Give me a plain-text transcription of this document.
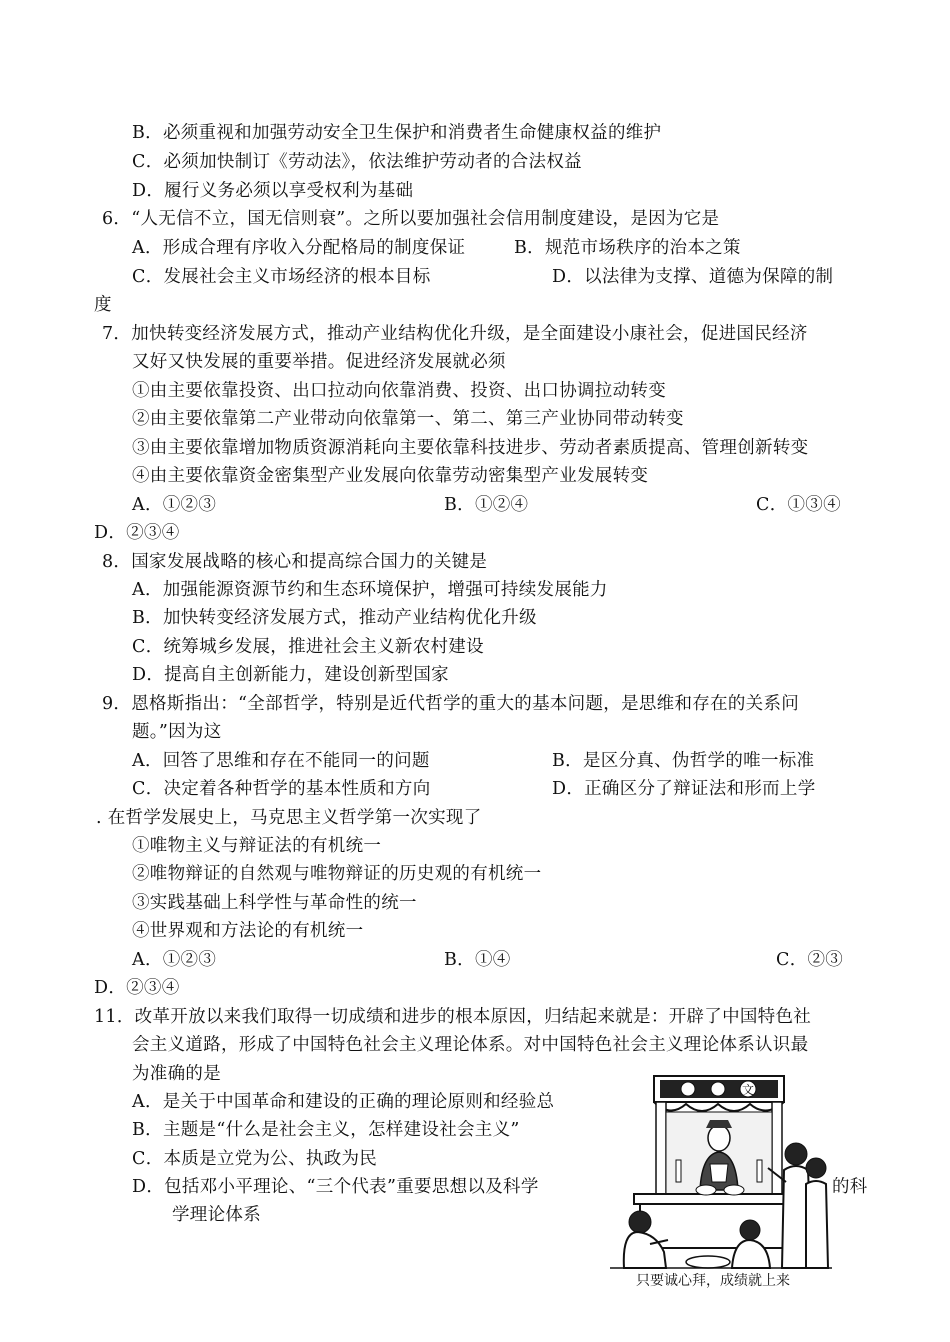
B．必须重视和加强劳动安全卫生保护和消费者生命健康权益的维护
C．必须加快制订《劳动法》，依法维护劳动者的合法权益
D．履行义务必须以享受权利为基础
6．“人无信不立，国无信则衰”。之所以要加强社会信用制度建设，是因为它是
A．形成合理有序收入分配格局的制度保证	B．规范市场秩序的治本之策
C．发展社会主义市场经济的根本目标	D．以法律为支撑、道德为保障的制
度
7．加快转变经济发展方式，推动产业结构优化升级，是全面建设小康社会，促进国民经济
又好又快发展的重要举措。促进经济发展就必须
①由主要依靠投资、出口拉动向依靠消费、投资、出口协调拉动转变
②由主要依靠第二产业带动向依靠第一、第二、第三产业协同带动转变
③由主要依靠增加物质资源消耗向主要依靠科技进步、劳动者素质提高、管理创新转变
④由主要依靠资金密集型产业发展向依靠劳动密集型产业发展转变
A．①②③	B．①②④	C．①③④
D．②③④
8．国家发展战略的核心和提高综合国力的关键是
A．加强能源资源节约和生态环境保护，增强可持续发展能力
B．加快转变经济发展方式，推动产业结构优化升级
C．统筹城乡发展，推进社会主义新农村建设
D．提高自主创新能力，建设创新型国家
9．恩格斯指出：“全部哲学，特别是近代哲学的重大的基本问题，是思维和存在的关系问
题。”因为这
A．回答了思维和存在不能同一的问题	B．是区分真、伪哲学的唯一标准
C．决定着各种哲学的基本性质和方向	D．正确区分了辩证法和形而上学
. 在哲学发展史上，马克思主义哲学第一次实现了
①唯物主义与辩证法的有机统一
②唯物辩证的自然观与唯物辩证的历史观的有机统一
③实践基础上科学性与革命性的统一
④世界观和方法论的有机统一
A．①②③	B．①④	C．②③
D．②③④
11．改革开放以来我们取得一切成绩和进步的根本原因，归结起来就是：开辟了中国特色社
会主义道路，形成了中国特色社会主义理论体系。对中国特色社会主义理论体系认识最
为准确的是
A．是关于中国革命和建设的正确的理论原则和经验总
B．主题是“什么是社会主义，怎样建设社会主义”
C．本质是立党为公、执政为民
D．包括邓小平理论、“三个代表”重要思想以及科学	的科
学理论体系
文
只要诚心拜，成绩就上来
